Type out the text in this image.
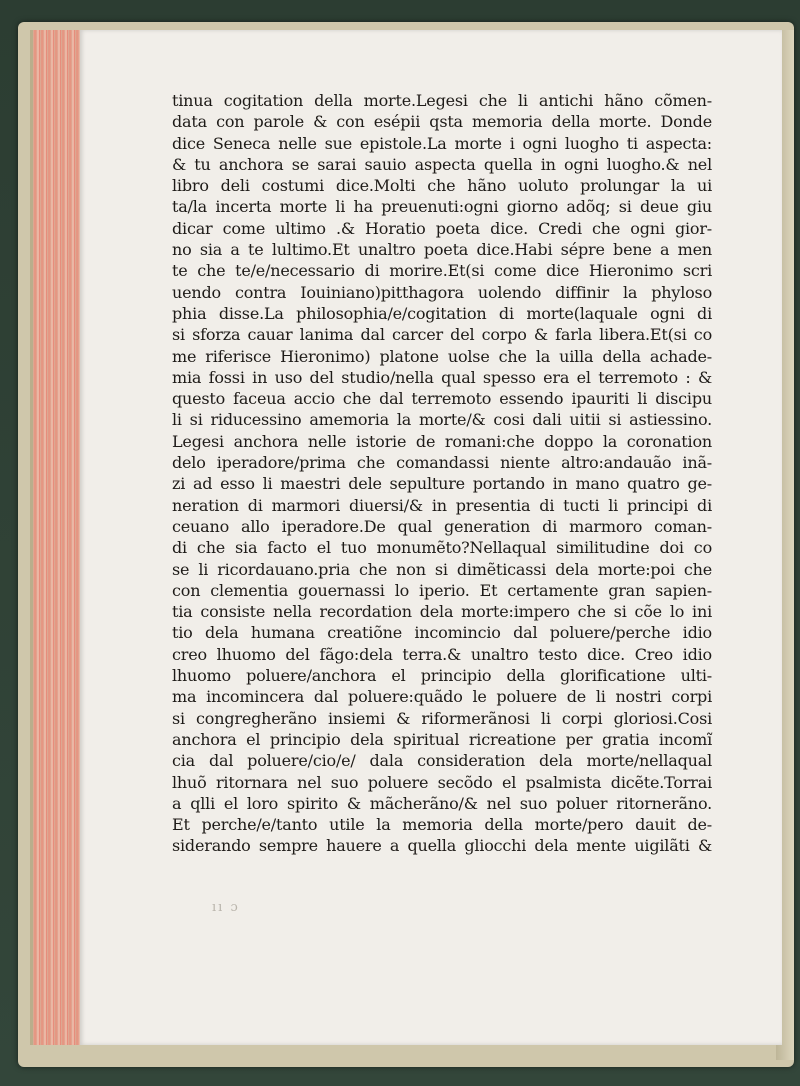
tinua cogitation della morte.Legesi che li antichi hãno cõmen-
data con parole & con esépii qsta memoria della morte. Donde
dice Seneca nelle sue epistole.La morte i ogni luogho ti aspecta:
& tu anchora se sarai sauio aspecta quella in ogni luogho.& nel
libro deli costumi dice.Molti che hãno uoluto prolungar la ui
ta/la incerta morte li ha preuenuti:ogni giorno adõq; si deue giu
dicar come ultimo .& Horatio poeta dice. Credi che ogni gior-
no sia a te lultimo.Et unaltro poeta dice.Habi sépre bene a men
te che te/e/necessario di morire.Et(si come dice Hieronimo scri
uendo contra Iouiniano)pitthagora uolendo diffinir la phyloso
phia disse.La philosophia/e/cogitation di morte(laquale ogni di
si sforza cauar lanima dal carcer del corpo & farla libera.Et(si co
me riferisce Hieronimo) platone uolse che la uilla della achade-
mia fossi in uso del studio/nella qual spesso era el terremoto : &
questo faceua accio che dal terremoto essendo ipauriti li discipu
li si riducessino amemoria la morte/& cosi dali uitii si astiessino.
Legesi anchora nelle istorie de romani:che doppo la coronation
delo iperadore/prima che comandassi niente altro:andauão inã-
zi ad esso li maestri dele sepulture portando in mano quatro ge-
neration di marmori diuersi/& in presentia di tucti li principi di
ceuano allo iperadore.De qual generation di marmoro coman-
di che sia facto el tuo monumẽto?Nellaqual similitudine doi co
se li ricordauano.pria che non si dimẽticassi dela morte:poi che
con clementia gouernassi lo iperio. Et certamente gran sapien-
tia consiste nella recordation dela morte:impero che si cõe lo ini
tio dela humana creatiõne incomincio dal poluere/perche idio
creo lhuomo del fãgo:dela terra.& unaltro testo dice. Creo idio
lhuomo poluere/anchora el principio della glorificatione ulti-
ma incomincera dal poluere:quãdo le poluere de li nostri corpi
si congregherãno insiemi & riformerãnosi li corpi gloriosi.Cosi
anchora el principio dela spiritual ricreatione per gratia incomĩ
cia dal poluere/cio/e/ dala consideration dela morte/nellaqual
lhuõ ritornara nel suo poluere secõdo el psalmista dicẽte.Torrai
a qlli el loro spirito & mãcherãno/& nel suo poluer ritornerãno.
Et perche/e/tanto utile la memoria della morte/pero dauit de-
siderando sempre hauere a quella gliocchi dela mente uigilãti &
ıı ɔ
